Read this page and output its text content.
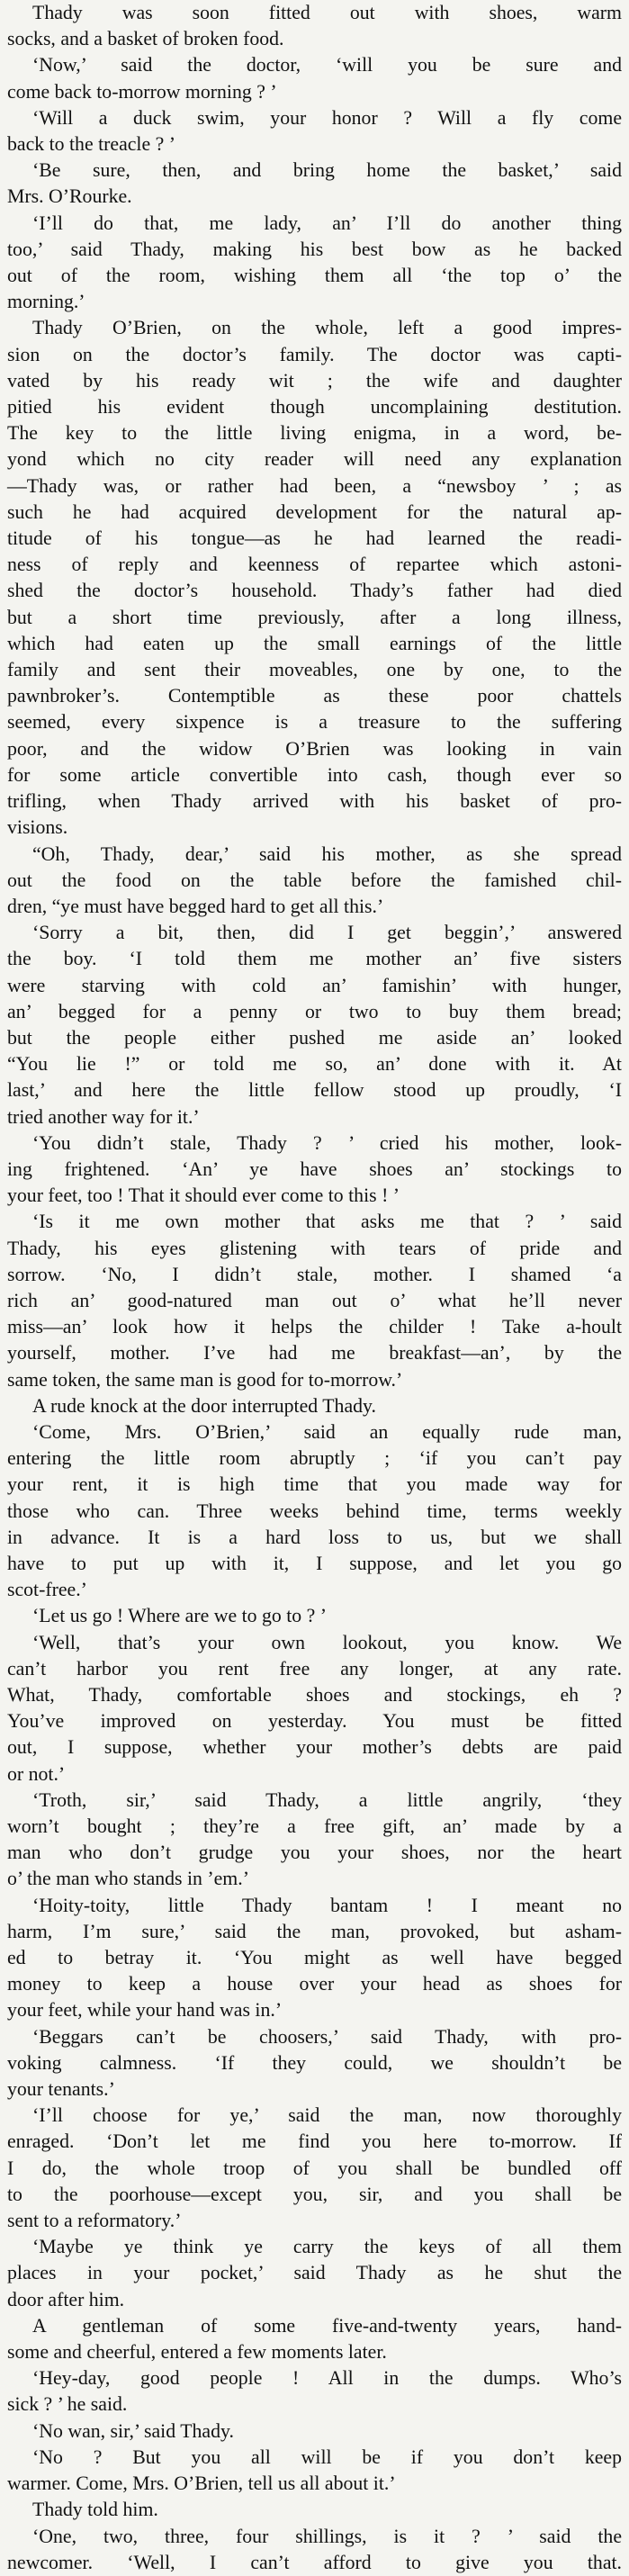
Thady was soon fitted out with shoes, warm
socks, and a basket of broken food.
‘Now,’ said the doctor, ‘will you be sure and
come back to-morrow morning ? ’
‘Will a duck swim, your honor ? Will a fly come
back to the treacle ? ’
‘Be sure, then, and bring home the basket,’ said
Mrs. O’Rourke.
‘I’ll do that, me lady, an’ I’ll do another thing
too,’ said Thady, making his best bow as he backed
out of the room, wishing them all ‘the top o’ the
morning.’
Thady O’Brien, on the whole, left a good impres-
sion on the doctor’s family. The doctor was capti-
vated by his ready wit ; the wife and daughter
pitied his evident though uncomplaining destitution.
The key to the little living enigma, in a word, be-
yond which no city reader will need any explanation
—Thady was, or rather had been, a “newsboy ’ ; as
such he had acquired development for the natural ap-
titude of his tongue—as he had learned the readi-
ness of reply and keenness of repartee which astoni-
shed the doctor’s household. Thady’s father had died
but a short time previously, after a long illness,
which had eaten up the small earnings of the little
family and sent their moveables, one by one, to the
pawnbroker’s. Contemptible as these poor chattels
seemed, every sixpence is a treasure to the suffering
poor, and the widow O’Brien was looking in vain
for some article convertible into cash, though ever so
trifling, when Thady arrived with his basket of pro-
visions.
“Oh, Thady, dear,’ said his mother, as she spread
out the food on the table before the famished chil-
dren, “ye must have begged hard to get all this.’
‘Sorry a bit, then, did I get beggin’,’ answered
the boy. ‘I told them me mother an’ five sisters
were starving with cold an’ famishin’ with hunger,
an’ begged for a penny or two to buy them bread;
but the people either pushed me aside an’ looked
“You lie !” or told me so, an’ done with it. At
last,’ and here the little fellow stood up proudly, ‘I
tried another way for it.’
‘You didn’t stale, Thady ? ’ cried his mother, look-
ing frightened. ‘An’ ye have shoes an’ stockings to
your feet, too ! That it should ever come to this ! ’
‘Is it me own mother that asks me that ? ’ said
Thady, his eyes glistening with tears of pride and
sorrow. ‘No, I didn’t stale, mother. I shamed ‘a
rich an’ good-natured man out o’ what he’ll never
miss—an’ look how it helps the childer ! Take a-hoult
yourself, mother. I’ve had me breakfast—an’, by the
same token, the same man is good for to-morrow.’
A rude knock at the door interrupted Thady.
‘Come, Mrs. O’Brien,’ said an equally rude man,
entering the little room abruptly ; ‘if you can’t pay
your rent, it is high time that you made way for
those who can. Three weeks behind time, terms weekly
in advance. It is a hard loss to us, but we shall
have to put up with it, I suppose, and let you go
scot-free.’
‘Let us go ! Where are we to go to ? ’
‘Well, that’s your own lookout, you know. We
can’t harbor you rent free any longer, at any rate.
What, Thady, comfortable shoes and stockings, eh ?
You’ve improved on yesterday. You must be fitted
out, I suppose, whether your mother’s debts are paid
or not.’
‘Troth, sir,’ said Thady, a little angrily, ‘they
worn’t bought ; they’re a free gift, an’ made by a
man who don’t grudge you your shoes, nor the heart
o’ the man who stands in ’em.’
‘Hoity-toity, little Thady bantam ! I meant no
harm, I’m sure,’ said the man, provoked, but asham-
ed to betray it. ‘You might as well have begged
money to keep a house over your head as shoes for
your feet, while your hand was in.’
‘Beggars can’t be choosers,’ said Thady, with pro-
voking calmness. ‘If they could, we shouldn’t be
your tenants.’
‘I’ll choose for ye,’ said the man, now thoroughly
enraged. ‘Don’t let me find you here to-morrow. If
I do, the whole troop of you shall be bundled off
to the poorhouse—except you, sir, and you shall be
sent to a reformatory.’
‘Maybe ye think ye carry the keys of all them
places in your pocket,’ said Thady as he shut the
door after him.
A gentleman of some five-and-twenty years, hand-
some and cheerful, entered a few moments later.
‘Hey-day, good people ! All in the dumps. Who’s
sick ? ’ he said.
‘No wan, sir,’ said Thady.
‘No ? But you all will be if you don’t keep
warmer. Come, Mrs. O’Brien, tell us all about it.’
Thady told him.
‘One, two, three, four shillings, is it ? ’ said the
newcomer. ‘Well, I can’t afford to give you that.
